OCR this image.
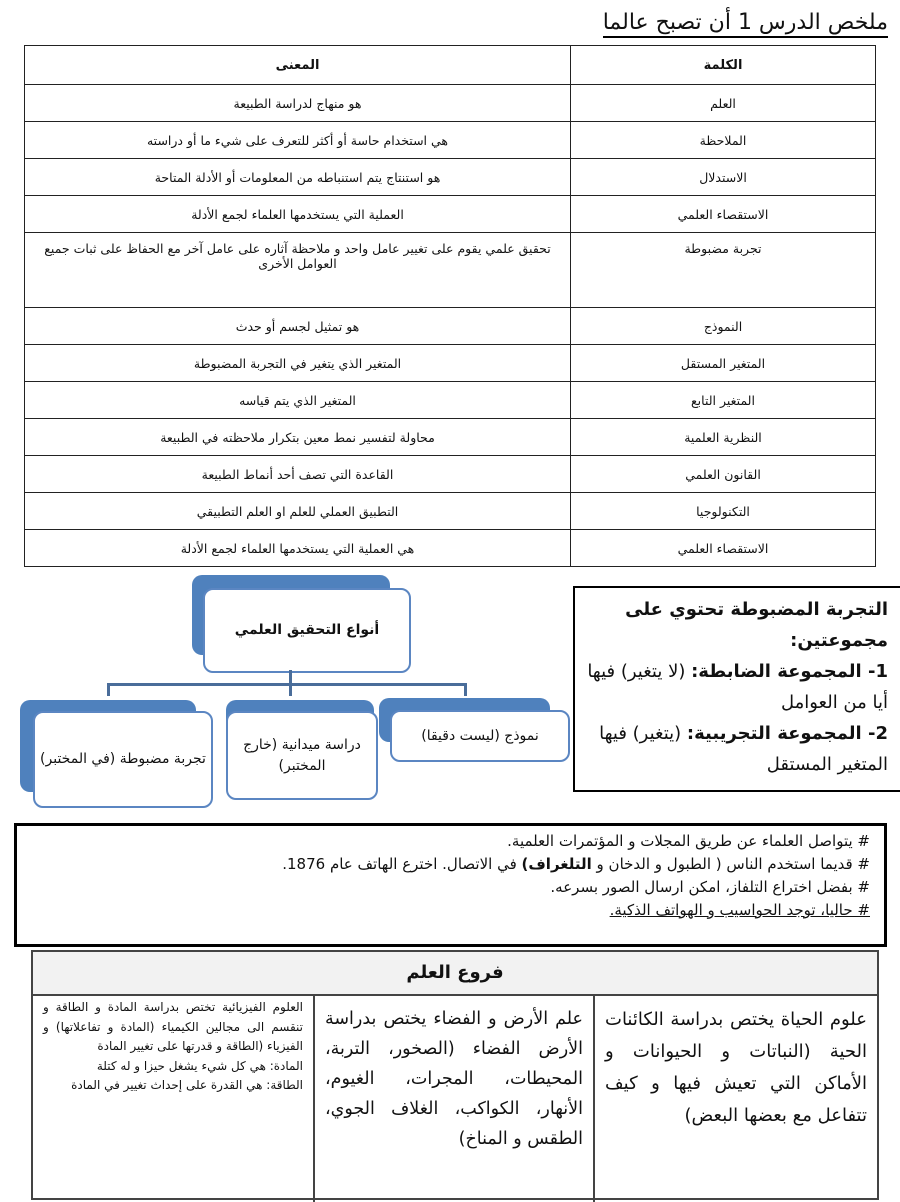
ملخص الدرس 1 أن تصبح عالما
الكلمة	المعنى
العلم	هو منهاج لدراسة الطبيعة
الملاحظة	هي استخدام حاسة أو أكثر للتعرف على شيء ما أو دراسته
الاستدلال	هو استنتاج يتم استنباطه من المعلومات أو الأدلة المتاحة
الاستقصاء العلمي	العملية التي يستخدمها العلماء لجمع الأدلة
تجربة مضبوطة	تحقيق علمي يقوم على تغيير عامل واحد و ملاحظة آثاره على عامل آخر مع الحفاظ على ثبات جميع العوامل الأخرى
النموذج	هو تمثيل لجسم أو حدث
المتغير المستقل	المتغير الذي يتغير في التجربة المضبوطة
المتغير التابع	المتغير الذي يتم قياسه
النظرية العلمية	محاولة لتفسير نمط معين بتكرار ملاحظته في الطبيعة
القانون العلمي	القاعدة التي تصف أحد أنماط الطبيعة
التكنولوجيا	التطبيق العملي للعلم او العلم التطبيقي
الاستقصاء العلمي	هي العملية التي يستخدمها العلماء لجمع الأدلة
أنواع التحقيق العلمي
تجربة مضبوطة (في المختبر)
دراسة ميدانية (خارج المختبر)
نموذج (ليست دقيقا)
التجربة المضبوطة تحتوي على مجموعتين:
1- المجموعة الضابطة: (لا يتغير) فيها أيا من العوامل
2- المجموعة التجريبية: (يتغير) فيها المتغير المستقل
# يتواصل العلماء عن طريق المجلات و المؤتمرات العلمية.
# قديما استخدم الناس ( الطبول و الدخان و التلغراف) في الاتصال. اخترع الهاتف عام 1876.
# بفضل اختراع التلفاز، امكن ارسال الصور بسرعه.
# حاليا، توجد الحواسيب و الهواتف الذكية.
فروع العلم
علوم الحياة يختص بدراسة الكائنات الحية (النباتات و الحيوانات و الأماكن التي تعيش فيها و كيف تتفاعل مع بعضها البعض)
علم الأرض و الفضاء يختص بدراسة الأرض الفضاء (الصخور، التربة، المحيطات، المجرات، الغيوم، الأنهار، الكواكب، الغلاف الجوي، الطقس و المناخ)
العلوم الفيزيائية تختص بدراسة المادة و الطاقة و تنقسم الى مجالين الكيمياء (المادة و تفاعلاتها) و الفيزياء (الطاقة و قدرتها على تغيير المادة
المادة: هي كل شيء يشغل حيزا و له كتلة
الطاقة: هي القدرة على إحداث تغيير في المادة
